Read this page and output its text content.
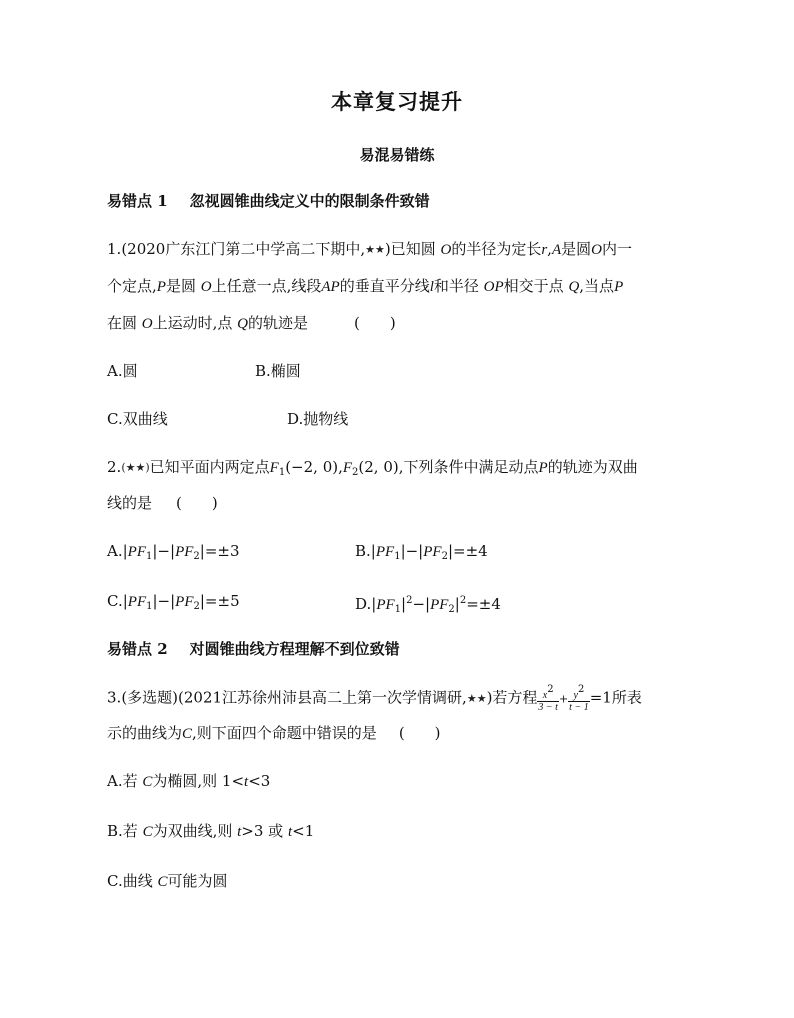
本章复习提升
易混易错练
易错点 1 忽视圆锥曲线定义中的限制条件致错
1.(2020广东江门第二中学高二下期中,★★)已知圆 O的半径为定长r,A是圆O内一
个定点,P是圆 O上任意一点,线段AP的垂直平分线l和半径 OP相交于点 Q,当点P
在圆 O上运动时,点 Q的轨迹是	(　　)
A.圆	B.椭圆
C.双曲线	D.抛物线
2.(★★)已知平面内两定点$F_1(-2$, $0),F_2(2$, 0),下列条件中满足动点P的轨迹为双曲
线的是 (　　)
$A.|PF_1|-|PF_2|=\pm 3$	$B.|PF_1|-|PF_2|=\pm 4$
$C.|PF_1|-|PF_2|=\pm 5$	$D.|PF_1|^2-|PF_2|^2=\pm 4$
易错点 2 对圆锥曲线方程理解不到位致错
3.(多选题)(2021江苏徐州沛县高二上第一次学情调研,★★)若方程 $\frac{x2}{3 - t} + \frac{y2}{t - 1} =1$所表
示的曲线为C,则下面四个命题中错误的是 (　　)
A.若 C为椭圆,则 1<t<3
B.若 C为双曲线,则 t>3 或 t<1
C.曲线 C可能为圆
